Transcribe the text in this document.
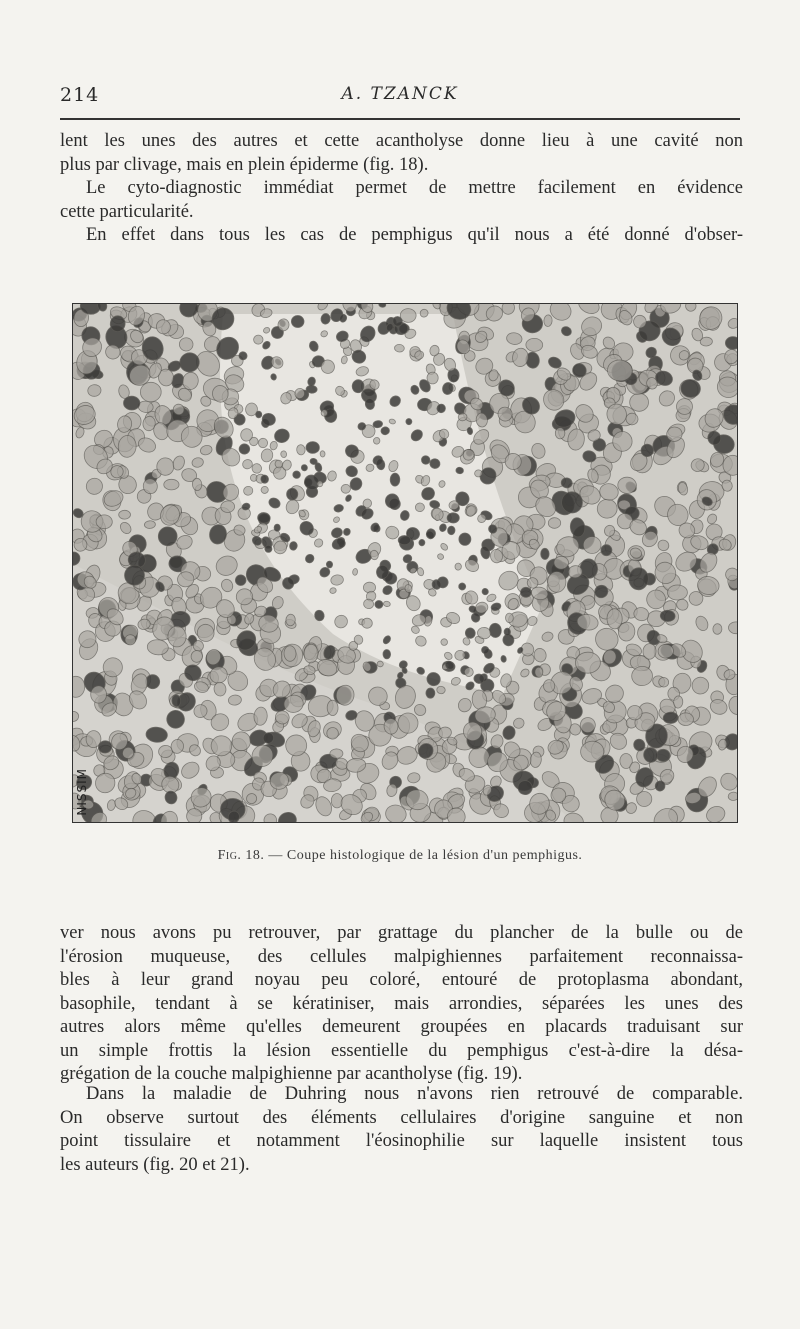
214	A. TZANCK
lent les unes des autres et cette acantholyse donne lieu à une cavité non
plus par clivage, mais en plein épiderme (fig. 18).
Le cyto-diagnostic immédiat permet de mettre facilement en évidence
cette particularité.
En effet dans tous les cas de pemphigus qu'il nous a été donné d'obser-
NISSIM
Fig. 18. — Coupe histologique de la lésion d'un pemphigus.
ver nous avons pu retrouver, par grattage du plancher de la bulle ou de
l'érosion muqueuse, des cellules malpighiennes parfaitement reconnaissa-
bles à leur grand noyau peu coloré, entouré de protoplasma abondant,
basophile, tendant à se kératiniser, mais arrondies, séparées les unes des
autres alors même qu'elles demeurent groupées en placards traduisant sur
un simple frottis la lésion essentielle du pemphigus c'est-à-dire la désa-
grégation de la couche malpighienne par acantholyse (fig. 19).
Dans la maladie de Duhring nous n'avons rien retrouvé de comparable.
On observe surtout des éléments cellulaires d'origine sanguine et non
point tissulaire et notamment l'éosinophilie sur laquelle insistent tous
les auteurs (fig. 20 et 21).
